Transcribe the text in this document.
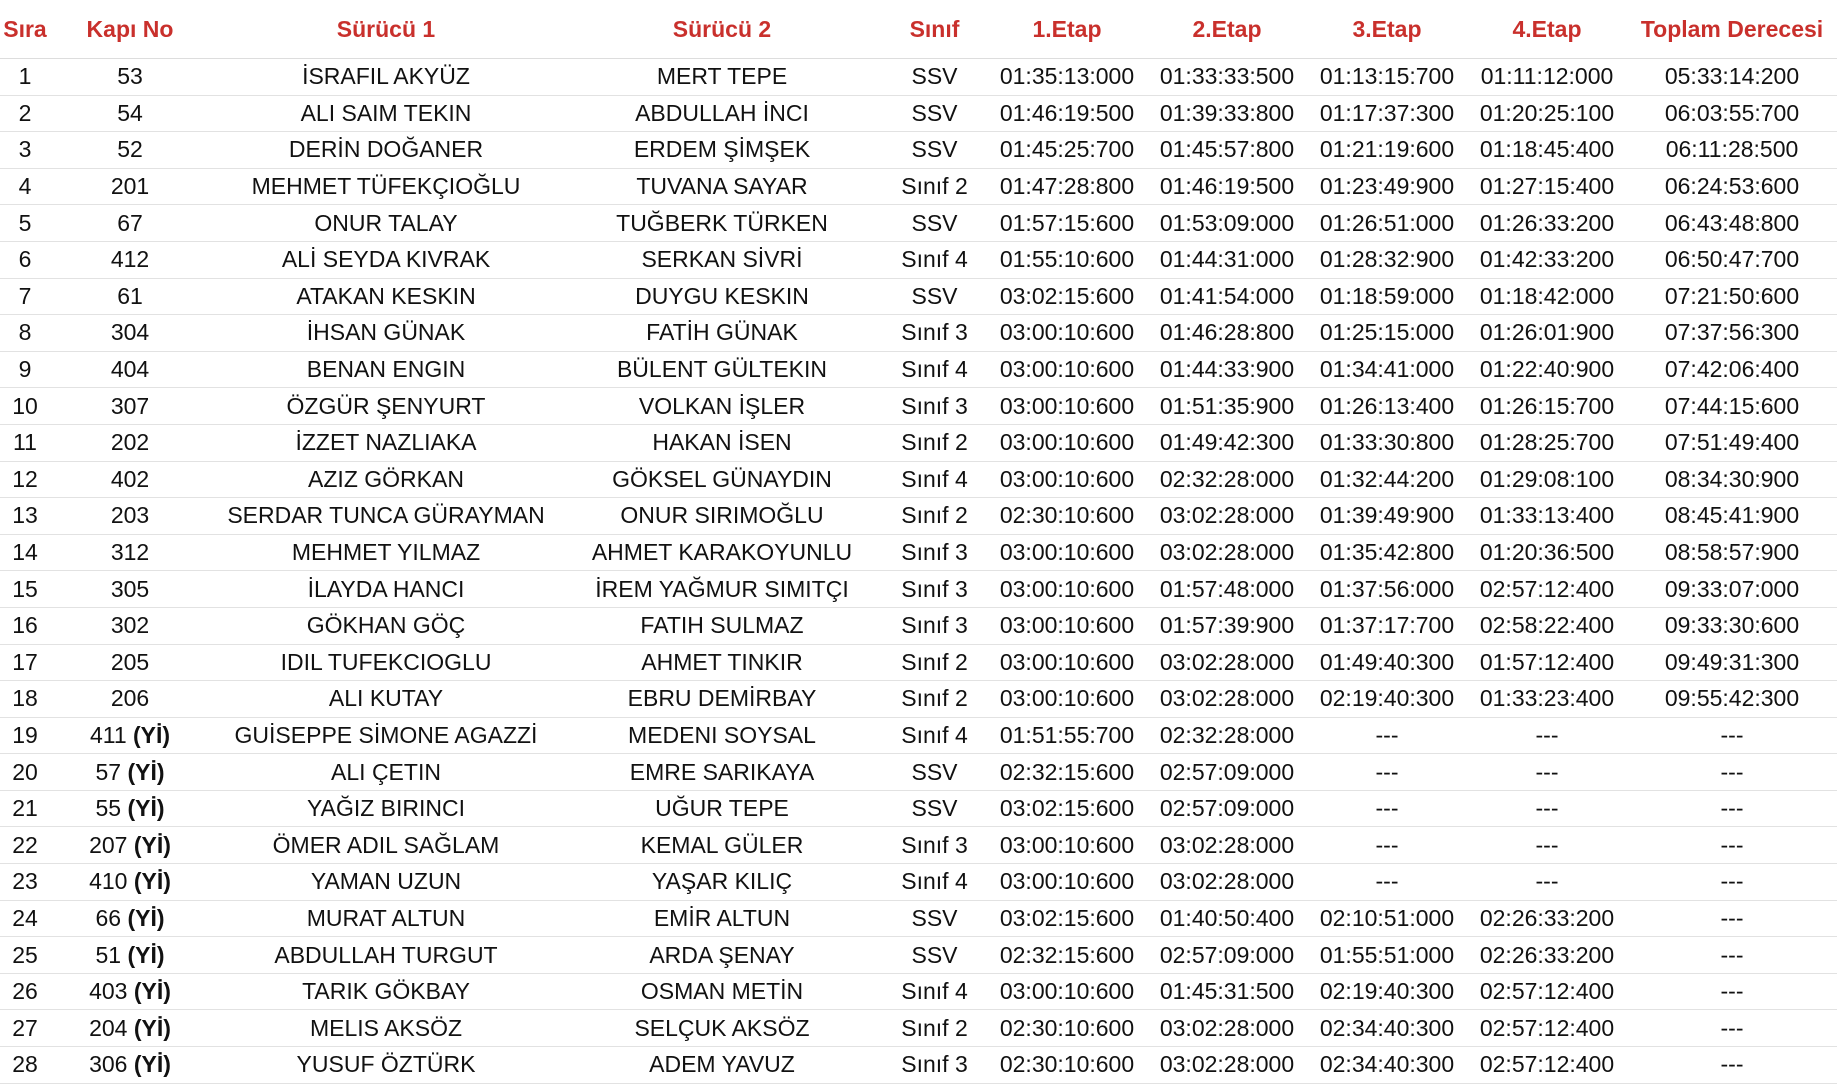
Sıra	Kapı No	Sürücü 1	Sürücü 2	Sınıf	1.Etap	2.Etap	3.Etap	4.Etap	Toplam Derecesi
1	53	İSRAFIL AKYÜZ	MERT TEPE	SSV	01:35:13:000	01:33:33:500	01:13:15:700	01:11:12:000	05:33:14:200
2	54	ALI SAIM TEKIN	ABDULLAH İNCI	SSV	01:46:19:500	01:39:33:800	01:17:37:300	01:20:25:100	06:03:55:700
3	52	DERİN DOĞANER	ERDEM ŞİMŞEK	SSV	01:45:25:700	01:45:57:800	01:21:19:600	01:18:45:400	06:11:28:500
4	201	MEHMET TÜFEKÇIOĞLU	TUVANA SAYAR	Sınıf 2	01:47:28:800	01:46:19:500	01:23:49:900	01:27:15:400	06:24:53:600
5	67	ONUR TALAY	TUĞBERK TÜRKEN	SSV	01:57:15:600	01:53:09:000	01:26:51:000	01:26:33:200	06:43:48:800
6	412	ALİ SEYDA KIVRAK	SERKAN SİVRİ	Sınıf 4	01:55:10:600	01:44:31:000	01:28:32:900	01:42:33:200	06:50:47:700
7	61	ATAKAN KESKIN	DUYGU KESKIN	SSV	03:02:15:600	01:41:54:000	01:18:59:000	01:18:42:000	07:21:50:600
8	304	İHSAN GÜNAK	FATİH GÜNAK	Sınıf 3	03:00:10:600	01:46:28:800	01:25:15:000	01:26:01:900	07:37:56:300
9	404	BENAN ENGIN	BÜLENT GÜLTEKIN	Sınıf 4	03:00:10:600	01:44:33:900	01:34:41:000	01:22:40:900	07:42:06:400
10	307	ÖZGÜR ŞENYURT	VOLKAN İŞLER	Sınıf 3	03:00:10:600	01:51:35:900	01:26:13:400	01:26:15:700	07:44:15:600
11	202	İZZET NAZLIAKA	HAKAN İSEN	Sınıf 2	03:00:10:600	01:49:42:300	01:33:30:800	01:28:25:700	07:51:49:400
12	402	AZIZ GÖRKAN	GÖKSEL GÜNAYDIN	Sınıf 4	03:00:10:600	02:32:28:000	01:32:44:200	01:29:08:100	08:34:30:900
13	203	SERDAR TUNCA GÜRAYMAN	ONUR SIRIMOĞLU	Sınıf 2	02:30:10:600	03:02:28:000	01:39:49:900	01:33:13:400	08:45:41:900
14	312	MEHMET YILMAZ	AHMET KARAKOYUNLU	Sınıf 3	03:00:10:600	03:02:28:000	01:35:42:800	01:20:36:500	08:58:57:900
15	305	İLAYDA HANCI	İREM YAĞMUR SIMITÇI	Sınıf 3	03:00:10:600	01:57:48:000	01:37:56:000	02:57:12:400	09:33:07:000
16	302	GÖKHAN GÖÇ	FATIH SULMAZ	Sınıf 3	03:00:10:600	01:57:39:900	01:37:17:700	02:58:22:400	09:33:30:600
17	205	IDIL TUFEKCIOGLU	AHMET TINKIR	Sınıf 2	03:00:10:600	03:02:28:000	01:49:40:300	01:57:12:400	09:49:31:300
18	206	ALI KUTAY	EBRU DEMİRBAY	Sınıf 2	03:00:10:600	03:02:28:000	02:19:40:300	01:33:23:400	09:55:42:300
19	411 (Yİ)	GUİSEPPE SİMONE AGAZZİ	MEDENI SOYSAL	Sınıf 4	01:51:55:700	02:32:28:000	---	---	---
20	57 (Yİ)	ALI ÇETIN	EMRE SARIKAYA	SSV	02:32:15:600	02:57:09:000	---	---	---
21	55 (Yİ)	YAĞIZ BIRINCI	UĞUR TEPE	SSV	03:02:15:600	02:57:09:000	---	---	---
22	207 (Yİ)	ÖMER ADIL SAĞLAM	KEMAL GÜLER	Sınıf 3	03:00:10:600	03:02:28:000	---	---	---
23	410 (Yİ)	YAMAN UZUN	YAŞAR KILIÇ	Sınıf 4	03:00:10:600	03:02:28:000	---	---	---
24	66 (Yİ)	MURAT ALTUN	EMİR ALTUN	SSV	03:02:15:600	01:40:50:400	02:10:51:000	02:26:33:200	---
25	51 (Yİ)	ABDULLAH TURGUT	ARDA ŞENAY	SSV	02:32:15:600	02:57:09:000	01:55:51:000	02:26:33:200	---
26	403 (Yİ)	TARIK GÖKBAY	OSMAN METİN	Sınıf 4	03:00:10:600	01:45:31:500	02:19:40:300	02:57:12:400	---
27	204 (Yİ)	MELIS AKSÖZ	SELÇUK AKSÖZ	Sınıf 2	02:30:10:600	03:02:28:000	02:34:40:300	02:57:12:400	---
28	306 (Yİ)	YUSUF ÖZTÜRK	ADEM YAVUZ	Sınıf 3	02:30:10:600	03:02:28:000	02:34:40:300	02:57:12:400	---
